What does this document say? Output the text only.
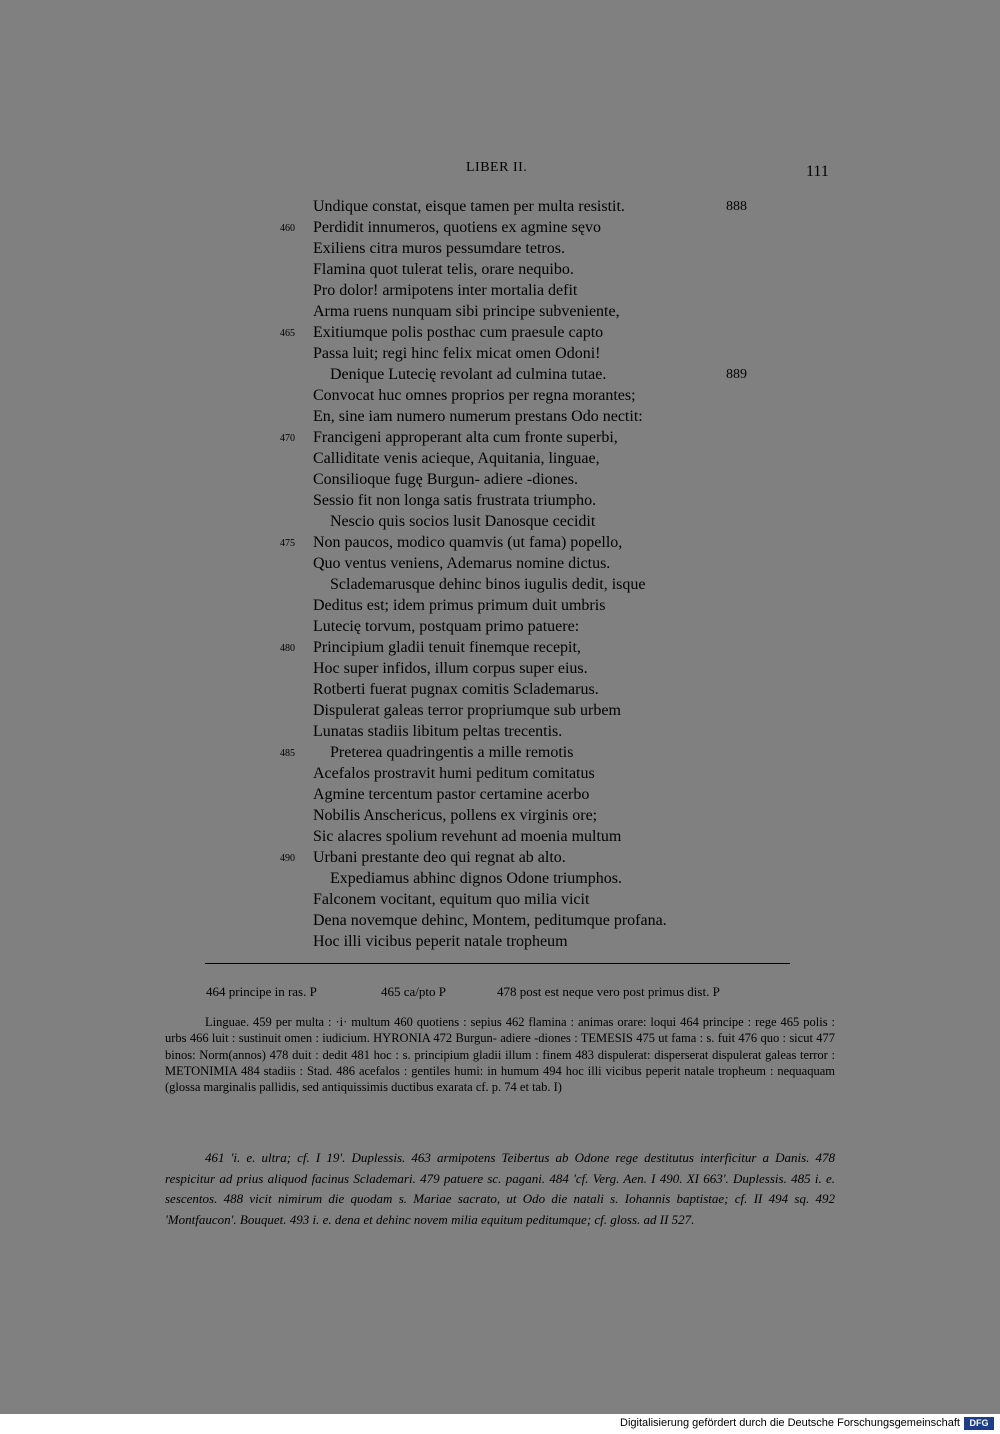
LIBER II.	111
Undique constat, eisque tamen per multa resistit.	888
460	Perdidit innumeros, quotiens ex agmine sęvo
Exiliens citra muros pessumdare tetros.
Flamina quot tulerat telis, orare nequibo.
Pro dolor! armipotens inter mortalia defit
Arma ruens nunquam sibi principe subveniente,
465	Exitiumque polis posthac cum praesule capto
Passa luit; regi hinc felix micat omen Odoni!
Denique Lutecię revolant ad culmina tutae.	889
Convocat huc omnes proprios per regna morantes;
En, sine iam numero numerum prestans Odo nectit:
470	Francigeni approperant alta cum fronte superbi,
Calliditate venis acieque, Aquitania, linguae,
Consilioque fugę Burgun- adiere -diones.
Sessio fit non longa satis frustrata triumpho.
Nescio quis socios lusit Danosque cecidit
475	Non paucos, modico quamvis (ut fama) popello,
Quo ventus veniens, Ademarus nomine dictus.
Sclademarusque dehinc binos iugulis dedit, isque
Deditus est; idem primus primum duit umbris
Lutecię torvum, postquam primo patuere:
480	Principium gladii tenuit finemque recepit,
Hoc super infidos, illum corpus super eius.
Rotberti fuerat pugnax comitis Sclademarus.
Dispulerat galeas terror propriumque sub urbem
Lunatas stadiis libitum peltas trecentis.
485	Preterea quadringentis a mille remotis
Acefalos prostravit humi peditum comitatus
Agmine tercentum pastor certamine acerbo
Nobilis Anschericus, pollens ex virginis ore;
Sic alacres spolium revehunt ad moenia multum
490	Urbani prestante deo qui regnat ab alto.
Expediamus abhinc dignos Odone triumphos.
Falconem vocitant, equitum quo milia vicit
Dena novemque dehinc, Montem, peditumque profana.
Hoc illi vicibus peperit natale tropheum
464 principe in ras. P	465 ca/pto P	478 post est neque vero post primus dist. P

Linguae. 459 per multa : ·i· multum 460 quotiens : sepius 462 flamina : animas orare: loqui 464 principe : rege 465 polis : urbs 466 luit : sustinuit omen : iudicium. HYRONIA 472 Burgun- adiere -diones : TEMESIS 475 ut fama : s. fuit 476 quo : sicut 477 binos: Norm(annos) 478 duit : dedit 481 hoc : s. principium gladii illum : finem 483 dispulerat: disperserat dispulerat galeas terror : METONIMIA 484 stadiis : Stad. 486 acefalos : gentiles humi: in humum 494 hoc illi vicibus peperit natale tropheum : nequaquam (glossa marginalis pallidis, sed antiquissimis ductibus exarata cf. p. 74 et tab. I)

461 'i. e. ultra; cf. I 19'. Duplessis. 463 armipotens Teibertus ab Odone rege destitutus interficitur a Danis. 478 respicitur ad prius aliquod facinus Sclademari. 479 patuere sc. pagani. 484 'cf. Verg. Aen. I 490. XI 663'. Duplessis. 485 i. e. sescentos. 488 vicit nimirum die quodam s. Mariae sacrato, ut Odo die natali s. Iohannis baptistae; cf. II 494 sq. 492 'Montfaucon'. Bouquet. 493 i. e. dena et dehinc novem milia equitum peditumque; cf. gloss. ad II 527.

Digitalisierung gefördert durch die Deutsche Forschungsgemeinschaft	DFG
